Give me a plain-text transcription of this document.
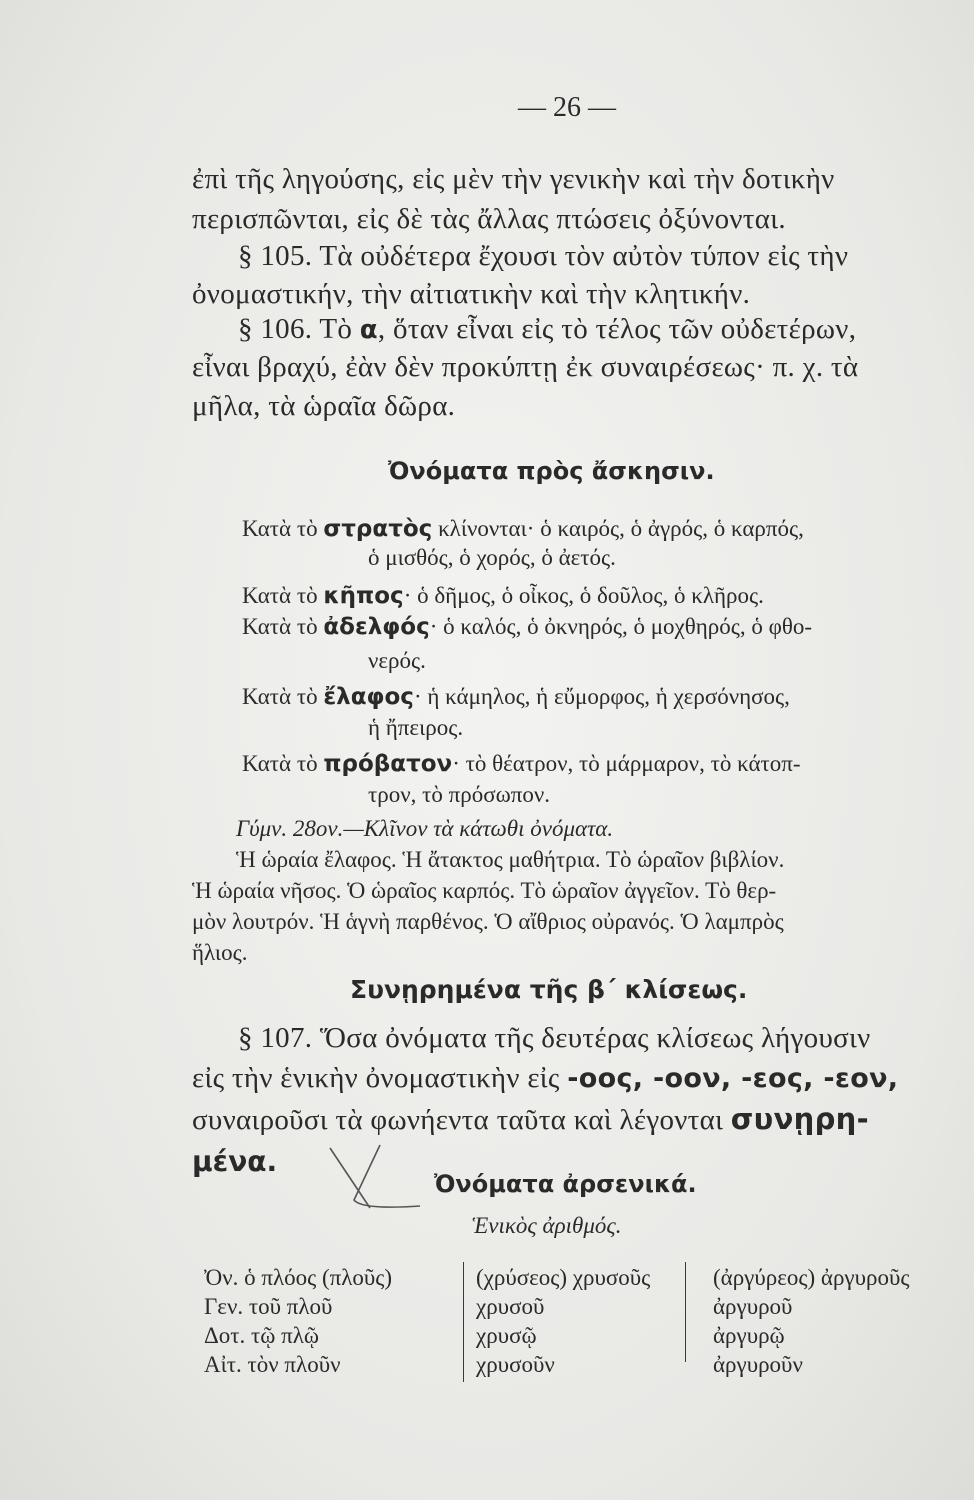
— 26 —
ἐπὶ τῆς ληγούσης, εἰς μὲν τὴν γενικὴν καὶ τὴν δοτικὴν
περισπῶνται, εἰς δὲ τὰς ἄλλας πτώσεις ὀξύνονται.
§ 105. Τὰ οὐδέτερα ἔχουσι τὸν αὐτὸν τύπον εἰς τὴν
ὀνομαστικήν, τὴν αἰτιατικὴν καὶ τὴν κλητικήν.
§ 106. Τὸ α, ὅταν εἶναι εἰς τὸ τέλος τῶν οὐδετέρων,
εἶναι βραχύ, ἐὰν δὲν προκύπτῃ ἐκ συναιρέσεως· π. χ. τὰ
μῆλα, τὰ ὡραῖα δῶρα.
Ὀνόματα πρὸς ἄσκησιν.
Κατὰ τὸ στρατὸς κλίνονται· ὁ καιρός, ὁ ἀγρός, ὁ καρπός,
ὁ μισθός, ὁ χορός, ὁ ἀετός.
Κατὰ τὸ κῆπος· ὁ δῆμος, ὁ οἶκος, ὁ δοῦλος, ὁ κλῆρος.
Κατὰ τὸ ἀδελφός· ὁ καλός, ὁ ὀκνηρός, ὁ μοχθηρός, ὁ φθο-
νερός.
Κατὰ τὸ ἔλαφος· ἡ κάμηλος, ἡ εὔμορφος, ἡ χερσόνησος,
ἡ ἤπειρος.
Κατὰ τὸ πρόβατον· τὸ θέατρον, τὸ μάρμαρον, τὸ κάτοπ-
τρον, τὸ πρόσωπον.
Γύμν. 28ον.—Κλῖνον τὰ κάτωθι ὀνόματα.
Ἡ ὡραία ἔλαφος. Ἡ ἄτακτος μαθήτρια. Τὸ ὡραῖον βιβλίον.
Ἡ ὡραία νῆσος. Ὁ ὡραῖος καρπός. Τὸ ὡραῖον ἀγγεῖον. Τὸ θερ-
μὸν λουτρόν. Ἡ ἁγνὴ παρθένος. Ὁ αἴθριος οὐρανός. Ὁ λαμπρὸς
ἥλιος.
Συνῃρημένα τῆς β΄ κλίσεως.
§ 107. Ὅσα ὀνόματα τῆς δευτέρας κλίσεως λήγουσιν
εἰς τὴν ἑνικὴν ὀνομαστικὴν εἰς -οος, -οον, -εος, -εον,
συναιροῦσι τὰ φωνήεντα ταῦτα καὶ λέγονται συνῃρη-
μένα.
Ὀνόματα ἀρσενικά.
Ἑνικὸς ἀριθμός.
Ὀν. ὁ πλόος (πλοῦς)
Γεν. τοῦ πλοῦ
Δοτ. τῷ πλῷ
Αἰτ. τὸν πλοῦν
(χρύσεος) χρυσοῦς
χρυσοῦ
χρυσῷ
χρυσοῦν
(ἀργύρεος) ἀργυροῦς
ἀργυροῦ
ἀργυρῷ
ἀργυροῦν
